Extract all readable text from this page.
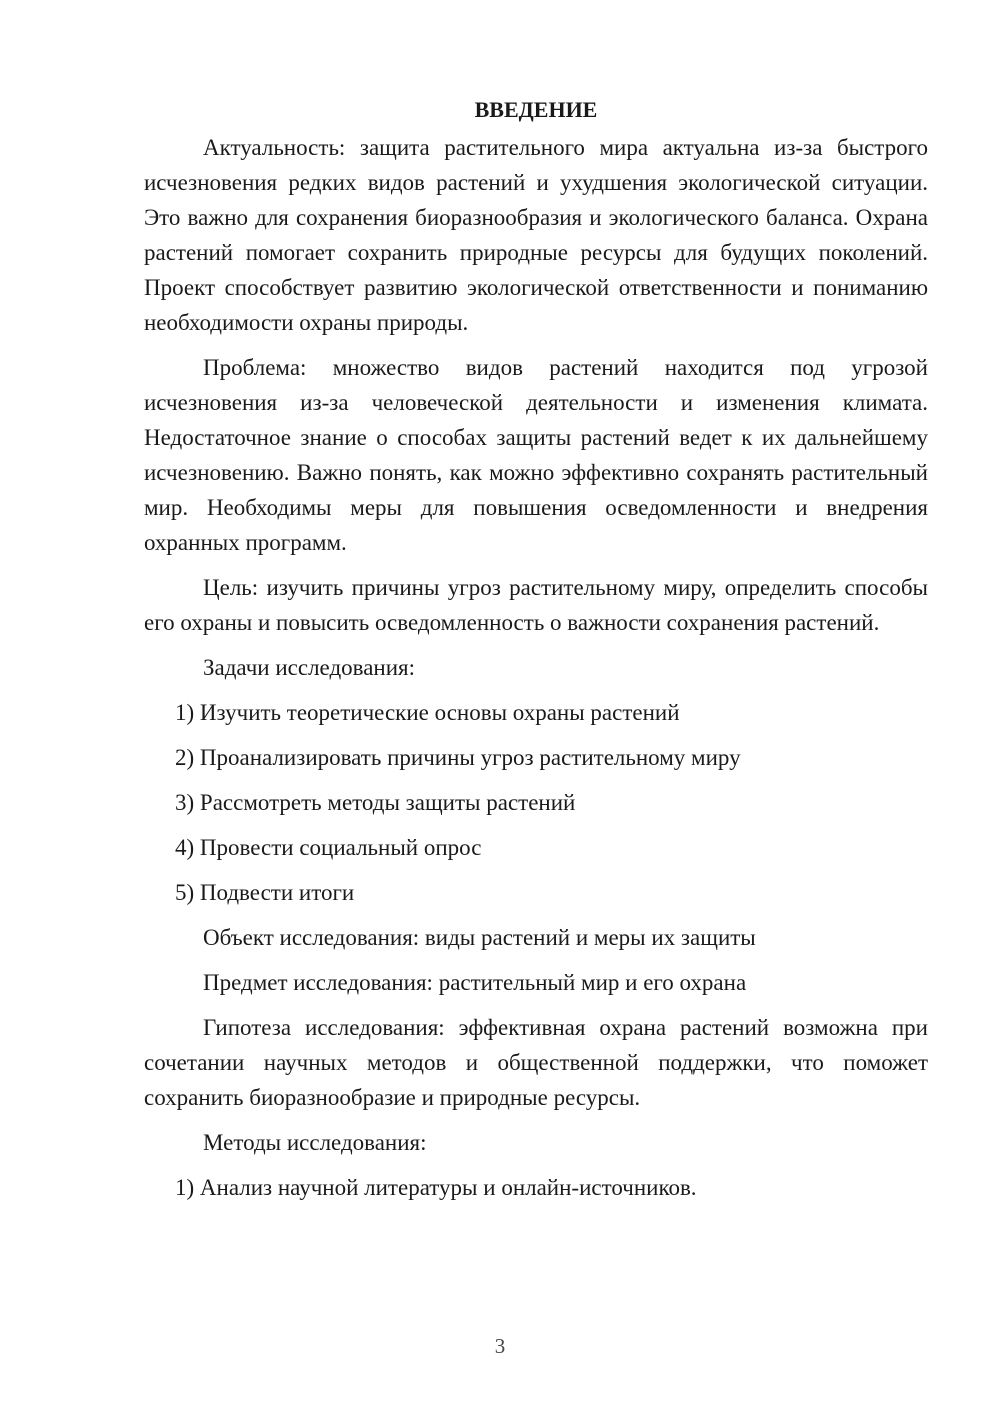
ВВЕДЕНИЕ
Актуальность: защита растительного мира актуальна из-за быстрого исчезновения редких видов растений и ухудшения экологической ситуации. Это важно для сохранения биоразнообразия и экологического баланса. Охрана растений помогает сохранить природные ресурсы для будущих поколений. Проект способствует развитию экологической ответственности и пониманию необходимости охраны природы.
Проблема: множество видов растений находится под угрозой исчезновения из-за человеческой деятельности и изменения климата. Недостаточное знание о способах защиты растений ведет к их дальнейшему исчезновению. Важно понять, как можно эффективно сохранять растительный мир. Необходимы меры для повышения осведомленности и внедрения охранных программ.
Цель: изучить причины угроз растительному миру, определить способы его охраны и повысить осведомленность о важности сохранения растений.
Задачи исследования:
1) Изучить теоретические основы охраны растений
2) Проанализировать причины угроз растительному миру
3) Рассмотреть методы защиты растений
4) Провести социальный опрос
5) Подвести итоги
Объект исследования: виды растений и меры их защиты
Предмет исследования: растительный мир и его охрана
Гипотеза исследования: эффективная охрана растений возможна при сочетании научных методов и общественной поддержки, что поможет сохранить биоразнообразие и природные ресурсы.
Методы исследования:
1) Анализ научной литературы и онлайн-источников.
3
